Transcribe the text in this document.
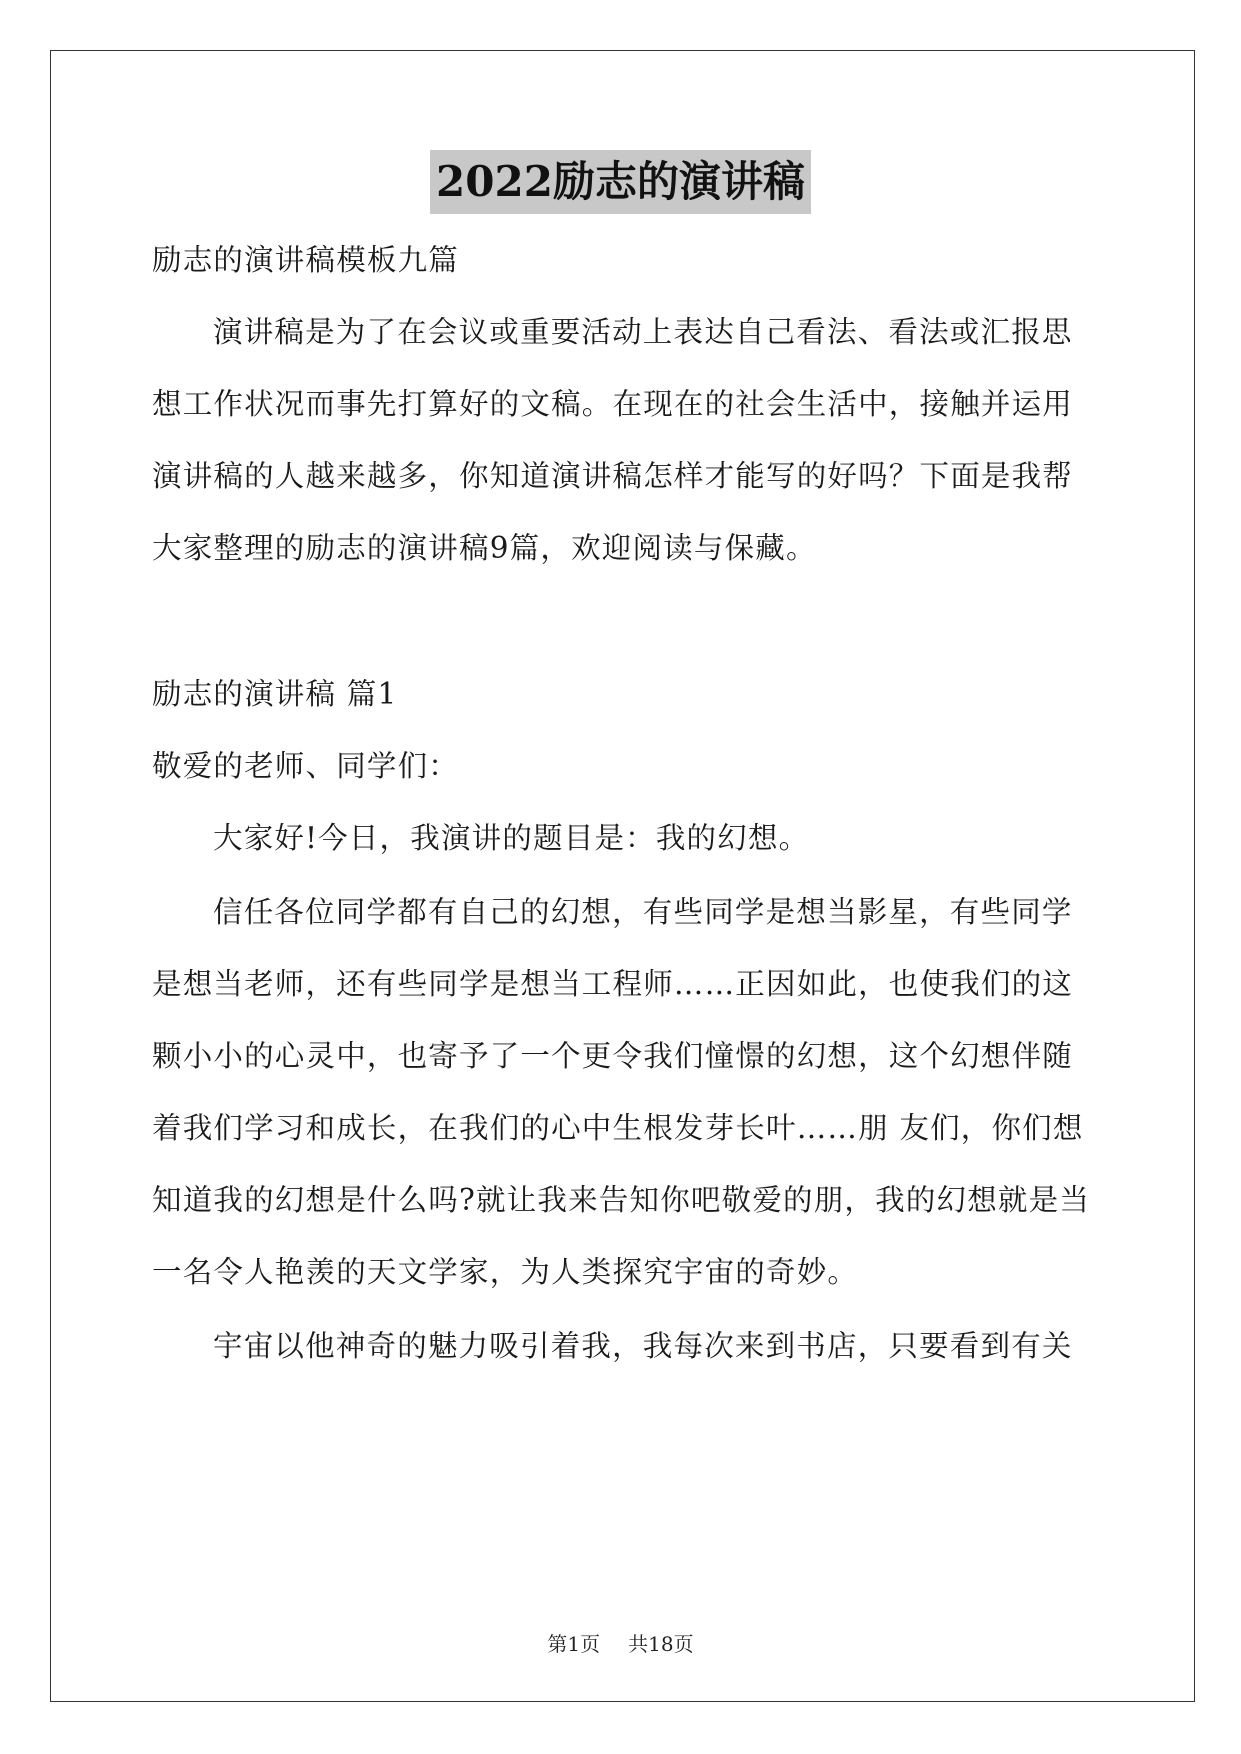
2022励志的演讲稿
励志的演讲稿模板九篇
演讲稿是为了在会议或重要活动上表达自己看法、看法或汇报思
想工作状况而事先打算好的文稿。在现在的社会生活中，接触并运用
演讲稿的人越来越多，你知道演讲稿怎样才能写的好吗？下面是我帮
大家整理的励志的演讲稿9篇，欢迎阅读与保藏。
励志的演讲稿 篇1
敬爱的老师、同学们：
大家好!今日，我演讲的题目是：我的幻想。
信任各位同学都有自己的幻想，有些同学是想当影星，有些同学
是想当老师，还有些同学是想当工程师……正因如此，也使我们的这
颗小小的心灵中，也寄予了一个更令我们憧憬的幻想，这个幻想伴随
着我们学习和成长，在我们的心中生根发芽长叶……朋 友们，你们想
知道我的幻想是什么吗?就让我来告知你吧敬爱的朋，我的幻想就是当
一名令人艳羡的天文学家，为人类探究宇宙的奇妙。
宇宙以他神奇的魅力吸引着我，我每次来到书店，只要看到有关
第1页 共18页
